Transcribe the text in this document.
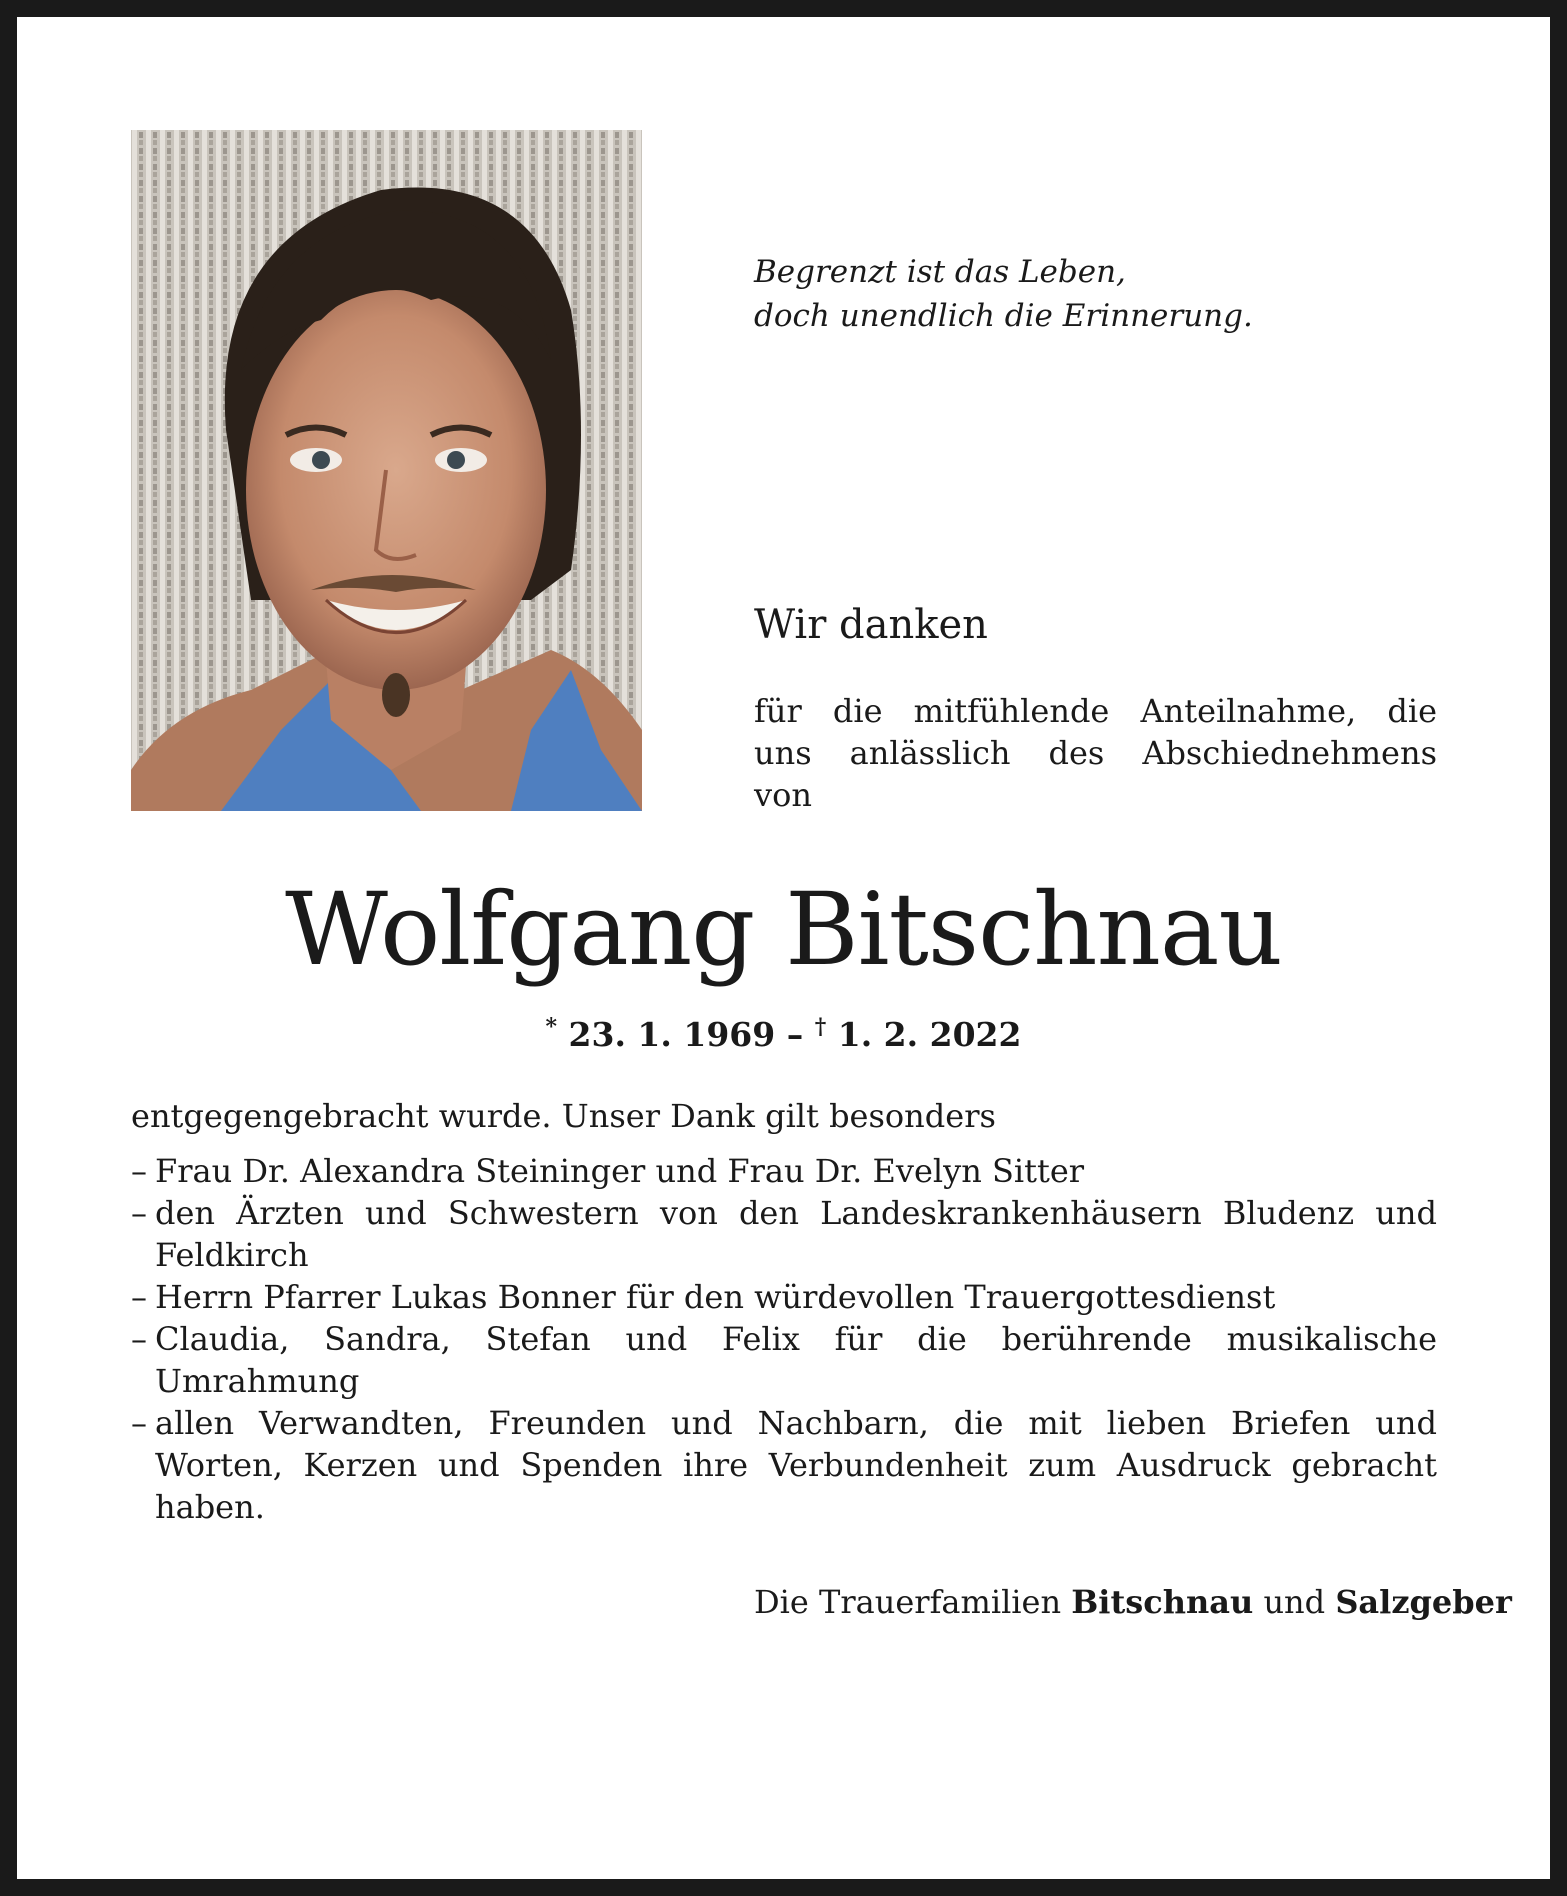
Begrenzt ist das Leben,
doch unendlich die Erinnerung.
Wir danken
für die mitfühlende Anteilnahme, die
uns anlässlich des Abschiednehmens
von
Wolfgang Bitschnau
* 23. 1. 1969 – † 1. 2. 2022
entgegengebracht wurde. Unser Dank gilt besonders
– Frau Dr. Alexandra Steininger und Frau Dr. Evelyn Sitter
– den Ärzten und Schwestern von den Landeskrankenhäusern Bludenz und Feldkirch
– Herrn Pfarrer Lukas Bonner für den würdevollen Trauergottesdienst
– Claudia, Sandra, Stefan und Felix für die berührende musikalische Umrahmung
– allen Verwandten, Freunden und Nachbarn, die mit lieben Briefen und Worten, Kerzen und Spenden ihre Verbundenheit zum Ausdruck gebracht haben.
Die Trauerfamilien Bitschnau und Salzgeber
